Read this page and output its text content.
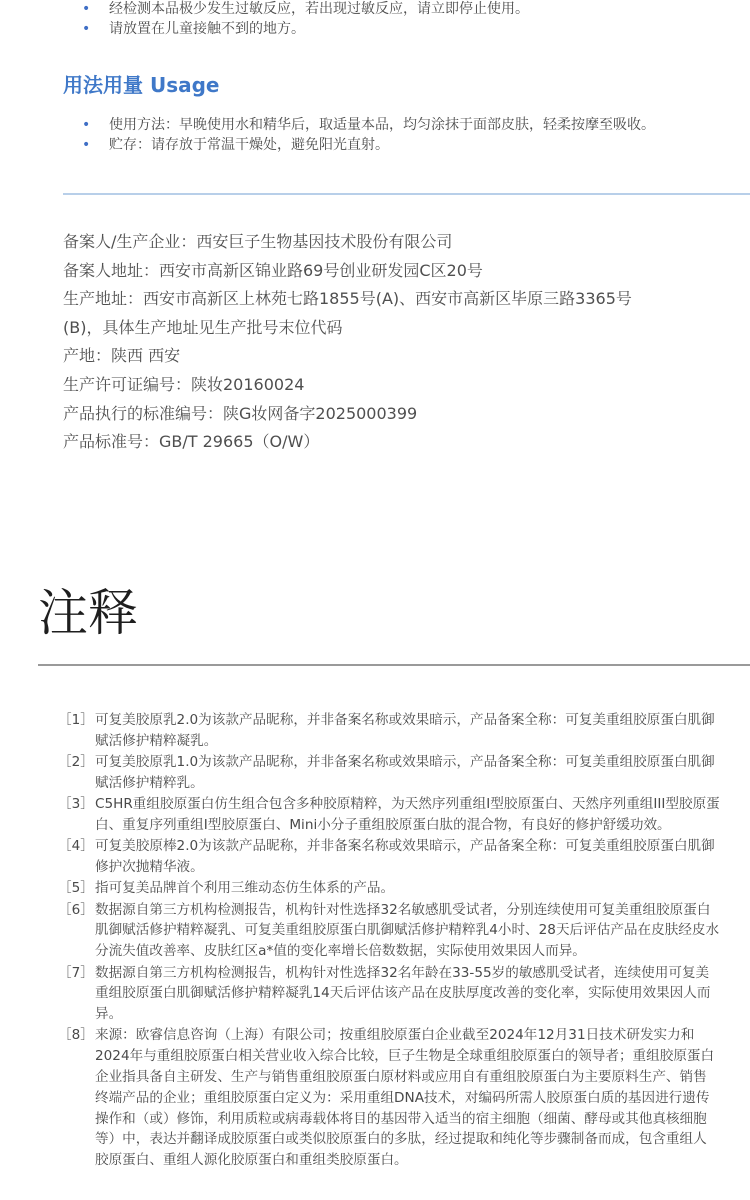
• 经检测本品极少发生过敏反应，若出现过敏反应，请立即停止使用。
• 请放置在儿童接触不到的地方。
用法用量 Usage
• 使用方法：早晚使用水和精华后，取适量本品，均匀涂抹于面部皮肤，轻柔按摩至吸收。
• 贮存：请存放于常温干燥处，避免阳光直射。
备案人/生产企业：西安巨子生物基因技术股份有限公司
备案人地址：西安市高新区锦业路69号创业研发园C区20号
生产地址：西安市高新区上林苑七路1855号(A)、西安市高新区毕原三路3365号
(B)，具体生产地址见生产批号末位代码
产地：陕西 西安
生产许可证编号：陕妆20160024
产品执行的标准编号：陕G妆网备字2025000399
产品标准号：GB/T 29665（O/W）
注释
［1］ 可复美胶原乳2.0为该款产品昵称，并非备案名称或效果暗示，产品备案全称：可复美重组胶原蛋白肌御赋活修护精粹凝乳。
［2］ 可复美胶原乳1.0为该款产品昵称，并非备案名称或效果暗示，产品备案全称：可复美重组胶原蛋白肌御赋活修护精粹乳。
［3］ C5HR重组胶原蛋白仿生组合包含多种胶原精粹，为天然序列重组I型胶原蛋白、天然序列重组III型胶原蛋白、重复序列重组I型胶原蛋白、Mini小分子重组胶原蛋白肽的混合物，有良好的修护舒缓功效。
［4］ 可复美胶原棒2.0为该款产品昵称，并非备案名称或效果暗示，产品备案全称：可复美重组胶原蛋白肌御修护次抛精华液。
［5］ 指可复美品牌首个利用三维动态仿生体系的产品。
［6］ 数据源自第三方机构检测报告，机构针对性选择32名敏感肌受试者，分别连续使用可复美重组胶原蛋白肌御赋活修护精粹凝乳、可复美重组胶原蛋白肌御赋活修护精粹乳4小时、28天后评估产品在皮肤经皮水分流失值改善率、皮肤红区a*值的变化率增长倍数数据，实际使用效果因人而异。
［7］ 数据源自第三方机构检测报告，机构针对性选择32名年龄在33-55岁的敏感肌受试者，连续使用可复美重组胶原蛋白肌御赋活修护精粹凝乳14天后评估该产品在皮肤厚度改善的变化率，实际使用效果因人而异。
［8］ 来源：欧睿信息咨询（上海）有限公司；按重组胶原蛋白企业截至2024年12月31日技术研发实力和2024年与重组胶原蛋白相关营业收入综合比较，巨子生物是全球重组胶原蛋白的领导者；重组胶原蛋白企业指具备自主研发、生产与销售重组胶原蛋白原材料或应用自有重组胶原蛋白为主要原料生产、销售终端产品的企业；重组胶原蛋白定义为：采用重组DNA技术，对编码所需人胶原蛋白质的基因进行遗传操作和（或）修饰，利用质粒或病毒载体将目的基因带入适当的宿主细胞（细菌、酵母或其他真核细胞等）中，表达并翻译成胶原蛋白或类似胶原蛋白的多肽，经过提取和纯化等步骤制备而成，包含重组人胶原蛋白、重组人源化胶原蛋白和重组类胶原蛋白。
